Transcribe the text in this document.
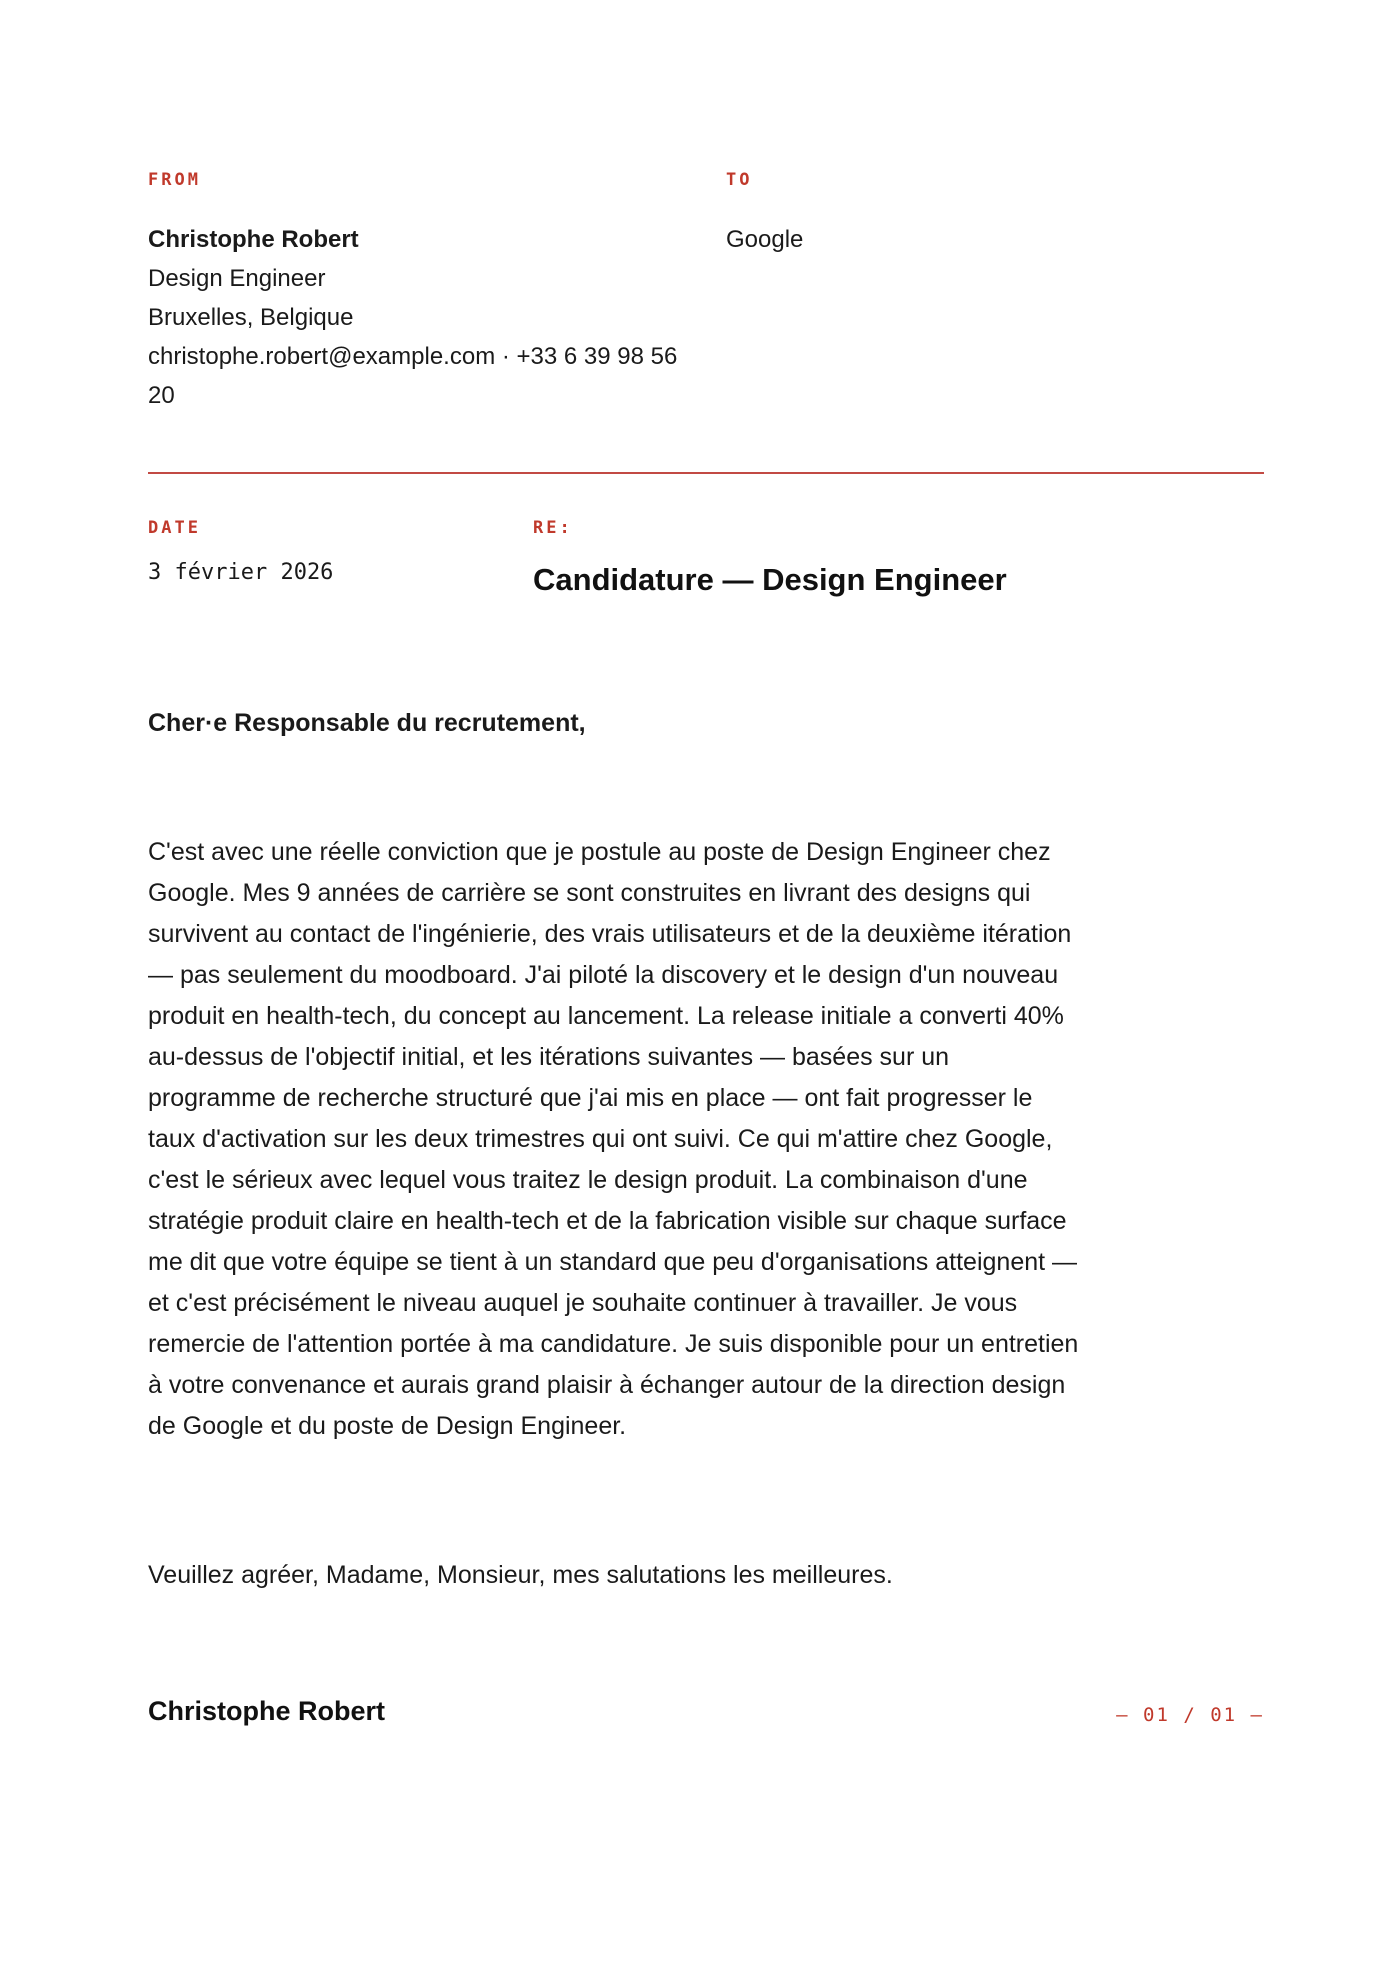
FROM
Christophe Robert
Design Engineer
Bruxelles, Belgique
christophe.robert@example.com · +33 6 39 98 56 20
TO
Google
DATE
3 février 2026
RE:
Candidature — Design Engineer
Cher·e Responsable du recrutement,

C'est avec une réelle conviction que je postule au poste de Design Engineer chez Google. Mes 9 années de carrière se sont construites en livrant des designs qui survivent au contact de l'ingénierie, des vrais utilisateurs et de la deuxième itération — pas seulement du moodboard. J'ai piloté la discovery et le design d'un nouveau produit en health-tech, du concept au lancement. La release initiale a converti 40% au-dessus de l'objectif initial, et les itérations suivantes — basées sur un programme de recherche structuré que j'ai mis en place — ont fait progresser le taux d'activation sur les deux trimestres qui ont suivi. Ce qui m'attire chez Google, c'est le sérieux avec lequel vous traitez le design produit. La combinaison d'une stratégie produit claire en health-tech et de la fabrication visible sur chaque surface me dit que votre équipe se tient à un standard que peu d'organisations atteignent — et c'est précisément le niveau auquel je souhaite continuer à travailler. Je vous remercie de l'attention portée à ma candidature. Je suis disponible pour un entretien à votre convenance et aurais grand plaisir à échanger autour de la direction design de Google et du poste de Design Engineer.

Veuillez agréer, Madame, Monsieur, mes salutations les meilleures.
Christophe Robert	— 01 / 01 —
